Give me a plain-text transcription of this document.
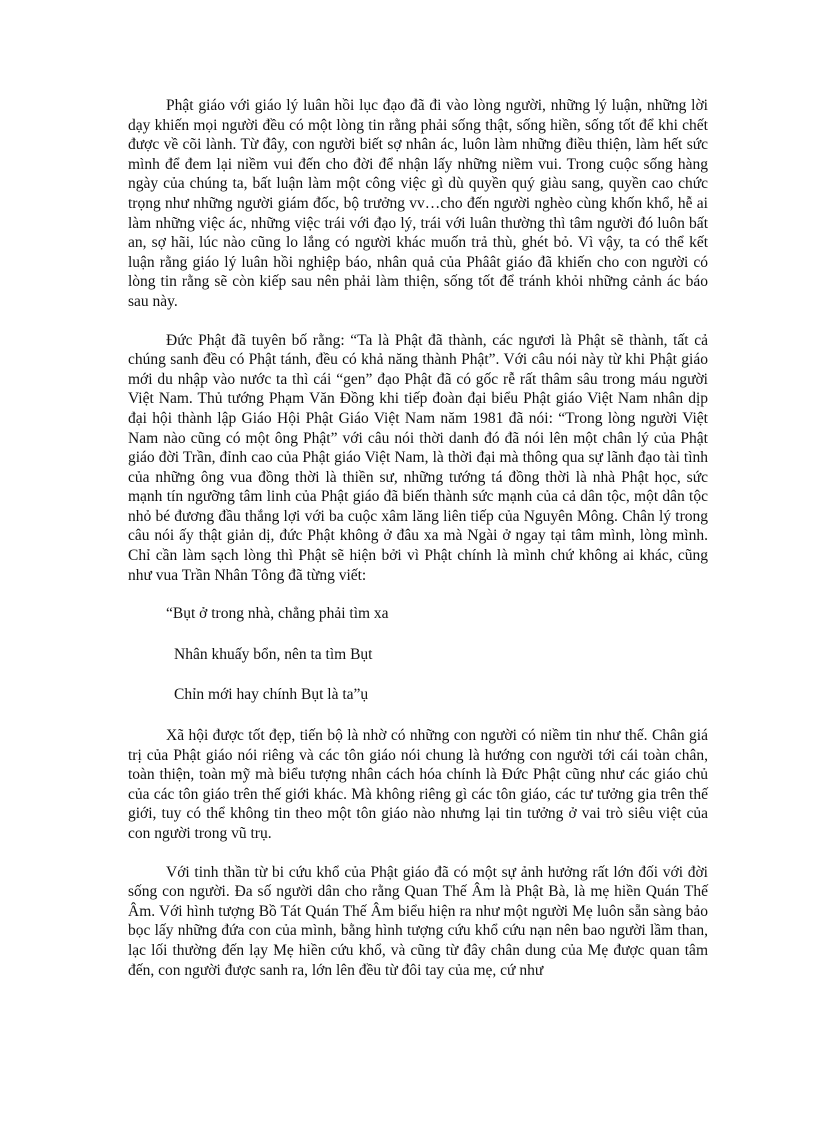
Phật giáo với giáo lý luân hồi lục đạo đã đi vào lòng người, những lý luận, những lời dạy khiến mọi người đều có một lòng tin rằng phải sống thật, sống hiền, sống tốt để khi chết được về cõi lành. Từ đây, con người biết sợ nhân ác, luôn làm những điều thiện, làm hết sức mình để đem lại niềm vui đến cho đời để nhận lấy những niềm vui. Trong cuộc sống hàng ngày của chúng ta, bất luận làm một công việc gì dù quyền quý giàu sang, quyền cao chức trọng như những người giám đốc, bộ trưởng vv…cho đến người nghèo cùng khốn khổ, hễ ai làm những việc ác, những việc trái với đạo lý, trái với luân thường thì tâm người đó luôn bất an, sợ hãi, lúc nào cũng lo lắng có người khác muốn trả thù, ghét bỏ. Vì vậy, ta có thể kết luận rằng giáo lý luân hồi nghiệp báo, nhân quả của Phâât giáo đã khiến cho con người có lòng tin rằng sẽ còn kiếp sau nên phải làm thiện, sống tốt để tránh khỏi những cảnh ác báo sau này.

Đức Phật đã tuyên bố rằng: “Ta là Phật đã thành, các ngươi là Phật sẽ thành, tất cả chúng sanh đều có Phật tánh, đều có khả năng thành Phật”. Với câu nói này từ khi Phật giáo mới du nhập vào nước ta thì cái “gen” đạo Phật đã có gốc rễ rất thâm sâu trong máu người Việt Nam. Thủ tướng Phạm Văn Đồng khi tiếp đoàn đại biểu Phật giáo Việt Nam nhân dịp đại hội thành lập Giáo Hội Phật Giáo Việt Nam năm 1981 đã nói: “Trong lòng người Việt Nam nào cũng có một ông Phật” với câu nói thời danh đó đã nói lên một chân lý của Phật giáo đời Trần, đỉnh cao của Phật giáo Việt Nam, là thời đại mà thông qua sự lãnh đạo tài tình của những ông vua đồng thời là thiền sư, những tướng tá đồng thời là nhà Phật học, sức mạnh tín ngưỡng tâm linh của Phật giáo đã biến thành sức mạnh của cả dân tộc, một dân tộc nhỏ bé đương đầu thắng lợi với ba cuộc xâm lăng liên tiếp của Nguyên Mông. Chân lý trong câu nói ấy thật giản dị, đức Phật không ở đâu xa mà Ngài ở ngay tại tâm mình, lòng mình. Chỉ cần làm sạch lòng thì Phật sẽ hiện bởi vì Phật chính là mình chứ không ai khác, cũng như vua Trần Nhân Tông đã từng viết:

“Bụt ở trong nhà, chẳng phải tìm xa

Nhân khuấy bổn, nên ta tìm Bụt

Chỉn mới hay chính Bụt là ta”ụ

Xã hội được tốt đẹp, tiến bộ là nhờ có những con người có niềm tin như thế. Chân giá trị của Phật giáo nói riêng và các tôn giáo nói chung là hướng con người tới cái toàn chân, toàn thiện, toàn mỹ mà biểu tượng nhân cách hóa chính là Đức Phật cũng như các giáo chủ của các tôn giáo trên thế giới khác. Mà không riêng gì các tôn giáo, các tư tưởng gia trên thế giới, tuy có thể không tin theo một tôn giáo nào nhưng lại tin tưởng ở vai trò siêu việt của con người trong vũ trụ.

Với tinh thần từ bi cứu khổ của Phật giáo đã có một sự ảnh hưởng rất lớn đối với đời sống con người. Đa số người dân cho rằng Quan Thế Âm là Phật Bà, là mẹ hiền Quán Thế Âm. Với hình tượng Bồ Tát Quán Thế Âm biểu hiện ra như một người Mẹ luôn sẵn sàng bảo bọc lấy những đứa con của mình, bằng hình tượng cứu khổ cứu nạn nên bao người lầm than, lạc lối thường đến lạy Mẹ hiền cứu khổ, và cũng từ đây chân dung của Mẹ được quan tâm đến, con người được sanh ra, lớn lên đều từ đôi tay của mẹ, cứ như
